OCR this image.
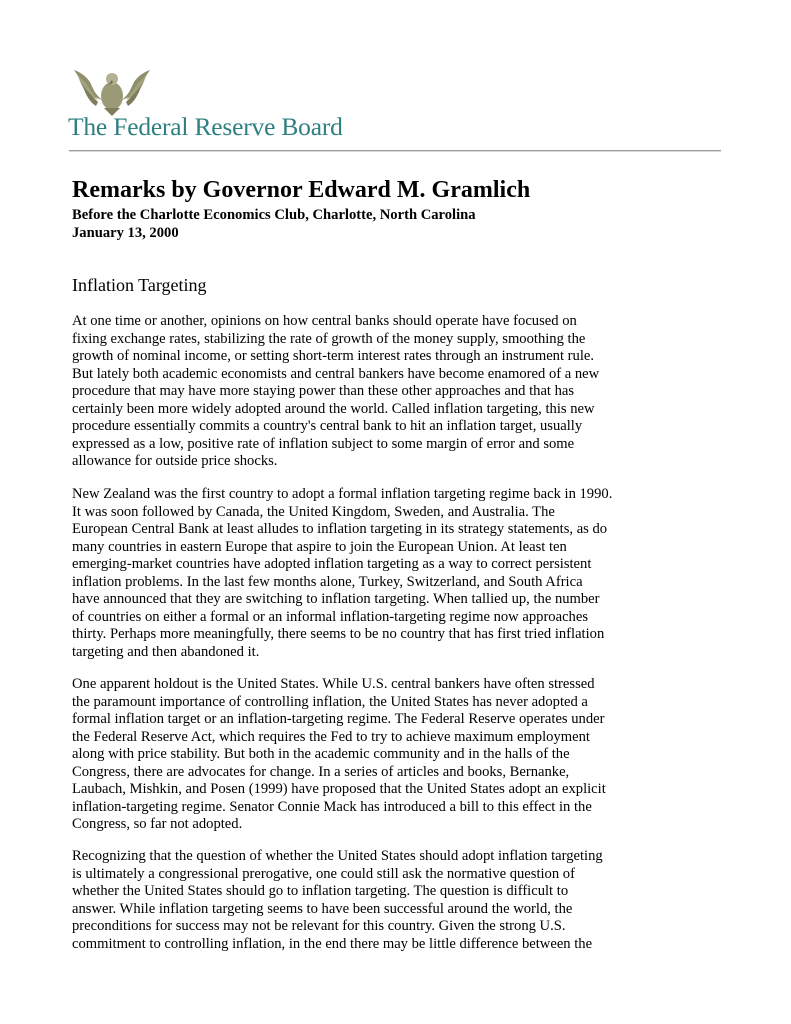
The Federal Reserve Board
Remarks by Governor Edward M. Gramlich
Before the Charlotte Economics Club, Charlotte, North Carolina
January 13, 2000
Inflation Targeting
At one time or another, opinions on how central banks should operate have focused on
fixing exchange rates, stabilizing the rate of growth of the money supply, smoothing the
growth of nominal income, or setting short-term interest rates through an instrument rule.
But lately both academic economists and central bankers have become enamored of a new
procedure that may have more staying power than these other approaches and that has
certainly been more widely adopted around the world. Called inflation targeting, this new
procedure essentially commits a country's central bank to hit an inflation target, usually
expressed as a low, positive rate of inflation subject to some margin of error and some
allowance for outside price shocks.
New Zealand was the first country to adopt a formal inflation targeting regime back in 1990.
It was soon followed by Canada, the United Kingdom, Sweden, and Australia. The
European Central Bank at least alludes to inflation targeting in its strategy statements, as do
many countries in eastern Europe that aspire to join the European Union. At least ten
emerging-market countries have adopted inflation targeting as a way to correct persistent
inflation problems. In the last few months alone, Turkey, Switzerland, and South Africa
have announced that they are switching to inflation targeting. When tallied up, the number
of countries on either a formal or an informal inflation-targeting regime now approaches
thirty. Perhaps more meaningfully, there seems to be no country that has first tried inflation
targeting and then abandoned it.
One apparent holdout is the United States. While U.S. central bankers have often stressed
the paramount importance of controlling inflation, the United States has never adopted a
formal inflation target or an inflation-targeting regime. The Federal Reserve operates under
the Federal Reserve Act, which requires the Fed to try to achieve maximum employment
along with price stability. But both in the academic community and in the halls of the
Congress, there are advocates for change. In a series of articles and books, Bernanke,
Laubach, Mishkin, and Posen (1999) have proposed that the United States adopt an explicit
inflation-targeting regime. Senator Connie Mack has introduced a bill to this effect in the
Congress, so far not adopted.
Recognizing that the question of whether the United States should adopt inflation targeting
is ultimately a congressional prerogative, one could still ask the normative question of
whether the United States should go to inflation targeting. The question is difficult to
answer. While inflation targeting seems to have been successful around the world, the
preconditions for success may not be relevant for this country. Given the strong U.S.
commitment to controlling inflation, in the end there may be little difference between the
